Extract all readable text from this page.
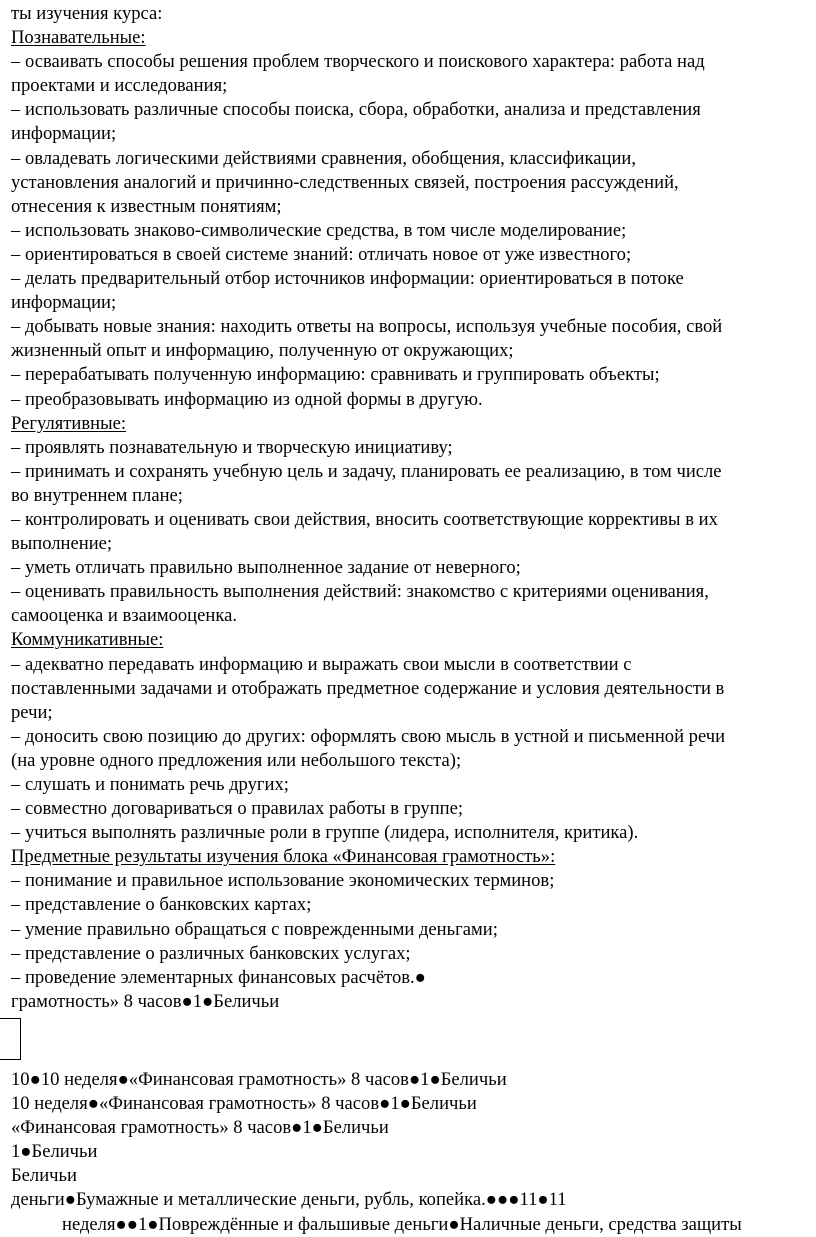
ты изучения курса:
Познавательные:
– осваивать способы решения проблем творческого и поискового характера: работа над
проектами и исследования;
– использовать различные способы поиска, сбора, обработки, анализа и представления
информации;
– овладевать логическими действиями сравнения, обобщения, классификации,
установления аналогий и причинно-следственных связей, построения рассуждений,
отнесения к известным понятиям;
– использовать знаково-символические средства, в том числе моделирование;
– ориентироваться в своей системе знаний: отличать новое от уже известного;
– делать предварительный отбор источников информации: ориентироваться в потоке
информации;
– добывать новые знания: находить ответы на вопросы, используя учебные пособия, свой
жизненный опыт и информацию, полученную от окружающих;
– перерабатывать полученную информацию: сравнивать и группировать объекты;
– преобразовывать информацию из одной формы в другую.
Регулятивные:
– проявлять познавательную и творческую инициативу;
– принимать и сохранять учебную цель и задачу, планировать ее реализацию, в том числе
во внутреннем плане;
– контролировать и оценивать свои действия, вносить соответствующие коррективы в их
выполнение;
– уметь отличать правильно выполненное задание от неверного;
– оценивать правильность выполнения действий: знакомство с критериями оценивания,
самооценка и взаимооценка.
Коммуникативные:
– адекватно передавать информацию и выражать свои мысли в соответствии с
поставленными задачами и отображать предметное содержание и условия деятельности в
речи;
– доносить свою позицию до других: оформлять свою мысль в устной и письменной речи
(на уровне одного предложения или небольшого текста);
– слушать и понимать речь других;
– совместно договариваться о правилах работы в группе;
– учиться выполнять различные роли в группе (лидера, исполнителя, критика).
Предметные результаты изучения блока «Финансовая грамотность»:
– понимание и правильное использование экономических терминов;
– представление о банковских картах;
– умение правильно обращаться с поврежденными деньгами;
– представление о различных банковских услугах;
– проведение элементарных финансовых расчётов.●
грамотность» 8 часов●1●Беличьи
10●10 неделя●«Финансовая грамотность» 8 часов●1●Беличьи
10 неделя●«Финансовая грамотность» 8 часов●1●Беличьи
«Финансовая грамотность» 8 часов●1●Беличьи
1●Беличьи
Беличьи
деньги●Бумажные и металлические деньги, рубль, копейка.●●●11●11
неделя●●1●Повреждённые и фальшивые деньги●Наличные деньги, средства защиты
